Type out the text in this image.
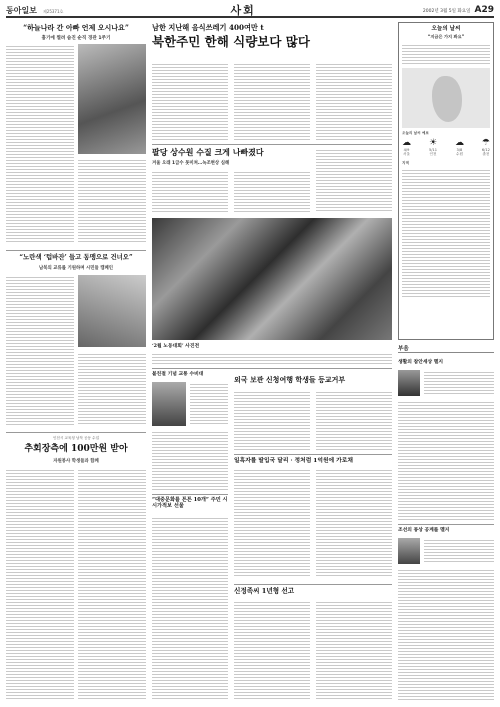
동아일보 제25371호	사회	2002년 3월 5일 화요일 A29
“하늘나라 간 아빠 언제 오시나요”
흉기에 찔려 숨진 순직 경관 1주기
“노란색 ‘텁바잔’ 들고 동맹으로 건너오”
남북의 교류를 기원하며 시민들 캠페인
인천시 교육청 남북 공동 수업
추회장측에 100만원 받아
자원봉사 학생들과 함께
남한 지난해 음식쓰레기 400여만 t
북한주민 한해 식량보다 많다
팔당 상수원 수질 크게 나빠졌다
겨울 오래 1급수 못미쳐…녹조현상 심해
‘2월 노동대회’ 사진전
불친절 기념 교통 수비대
외국 보관 신청여행 학생들 등교거부
일흑자를 딸입국 달리 · 정처럼 1억원에 가로채
“대중문화를 튼튼 10개” 주민 시 시가적보 선물
신정족씨 1년형 선고
오늘의 날씨
“지금은 가지 봐요”
오늘의 날씨 예보
☁
4/9
서울
☀
5/11
인천
☁
3/8
수원
☂
6/12
춘천
지역
부음
생활의 참안세상 멜지
조선의 몽상 공계를 멜지
